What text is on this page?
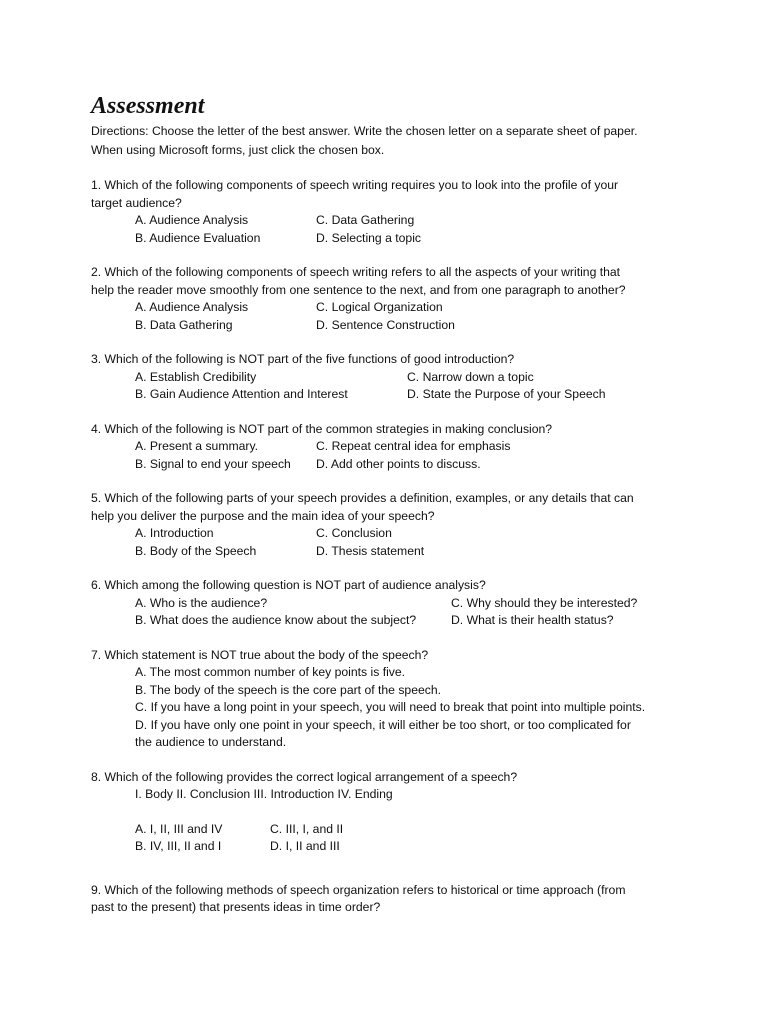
Assessment
Directions: Choose the letter of the best answer. Write the chosen letter on a separate sheet of paper.
When using Microsoft forms, just click the chosen box.
1. Which of the following components of speech writing requires you to look into the profile of your
target audience?
A. Audience Analysis	C. Data Gathering
B. Audience Evaluation	D. Selecting a topic
2. Which of the following components of speech writing refers to all the aspects of your writing that
help the reader move smoothly from one sentence to the next, and from one paragraph to another?
A. Audience Analysis	C. Logical Organization
B. Data Gathering	D. Sentence Construction
3. Which of the following is NOT part of the five functions of good introduction?
A. Establish Credibility	C. Narrow down a topic
B. Gain Audience Attention and Interest	D. State the Purpose of your Speech
4. Which of the following is NOT part of the common strategies in making conclusion?
A. Present a summary.	C. Repeat central idea for emphasis
B. Signal to end your speech	D. Add other points to discuss.
5. Which of the following parts of your speech provides a definition, examples, or any details that can
help you deliver the purpose and the main idea of your speech?
A. Introduction	C. Conclusion
B. Body of the Speech	D. Thesis statement
6. Which among the following question is NOT part of audience analysis?
A. Who is the audience?	C. Why should they be interested?
B. What does the audience know about the subject?	D. What is their health status?
7. Which statement is NOT true about the body of the speech?
A. The most common number of key points is five.
B. The body of the speech is the core part of the speech.
C. If you have a long point in your speech, you will need to break that point into multiple points.
D. If you have only one point in your speech, it will either be too short, or too complicated for
the audience to understand.
8. Which of the following provides the correct logical arrangement of a speech?
I. Body II. Conclusion III. Introduction IV. Ending
A. I, II, III and IV	C. III, I, and II
B. IV, III, II and I	D. I, II and III
9. Which of the following methods of speech organization refers to historical or time approach (from
past to the present) that presents ideas in time order?
